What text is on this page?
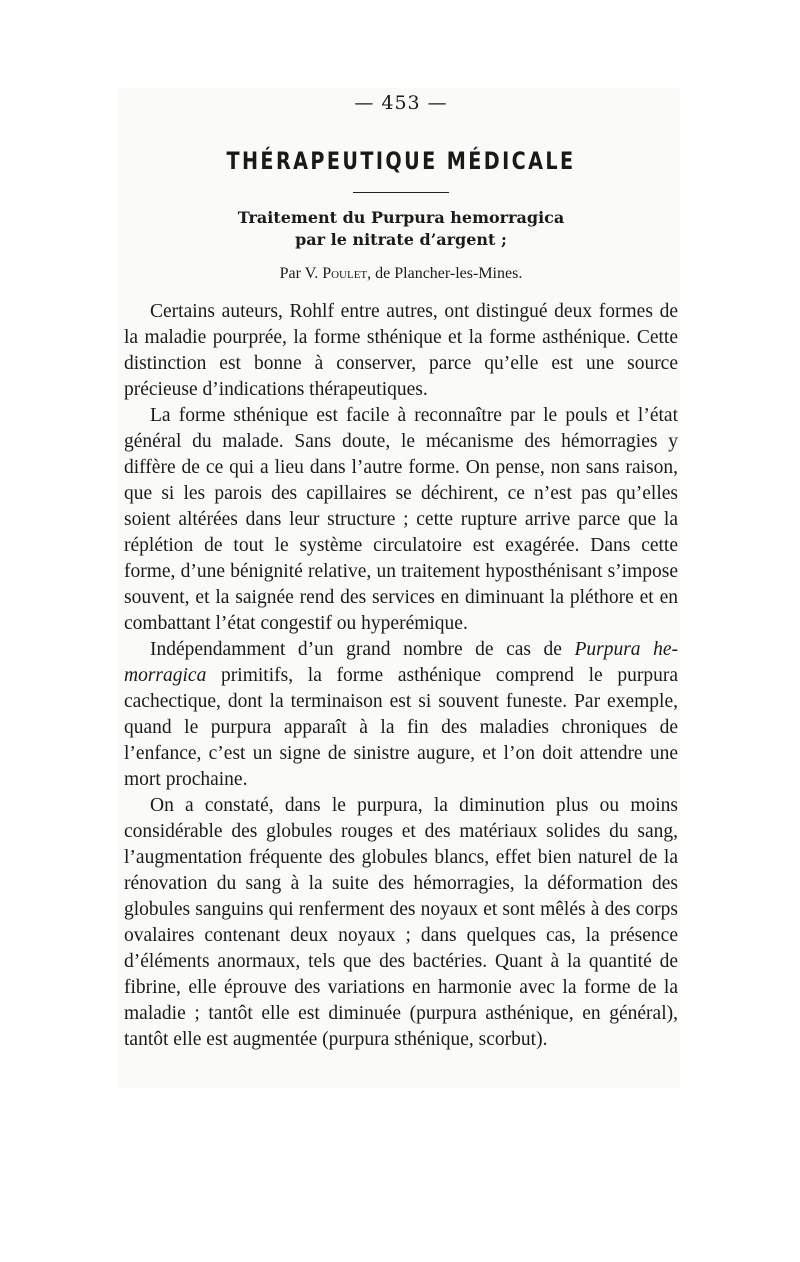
— 453 —

THÉRAPEUTIQUE MÉDICALE
Traitement du Purpura hemorragica
par le nitrate d’argent ;

Par V. Poulet, de Plancher-les-Mines.

Certains auteurs, Rohlf entre autres, ont distingué deux formes de la maladie pourprée, la forme sthénique et la forme asthénique. Cette distinction est bonne à conserver, parce qu’elle est une source précieuse d’indications thérapeutiques.

La forme sthénique est facile à reconnaître par le pouls et l’état général du malade. Sans doute, le mécanisme des hémorragies y diffère de ce qui a lieu dans l’autre forme. On pense, non sans raison, que si les parois des capillaires se déchirent, ce n’est pas qu’elles soient altérées dans leur structure ; cette rupture arrive parce que la réplétion de tout le système circulatoire est exagérée. Dans cette forme, d’une bénignité relative, un traitement hyposthénisant s’impose souvent, et la saignée rend des services en diminuant la pléthore et en combattant l’état congestif ou hyperémique.

Indépendamment d’un grand nombre de cas de Purpura hemorragica primitifs, la forme asthénique comprend le purpura cachectique, dont la terminaison est si souvent funeste. Par exemple, quand le purpura apparaît à la fin des maladies chroniques de l’enfance, c’est un signe de sinistre augure, et l’on doit attendre une mort prochaine.

On a constaté, dans le purpura, la diminution plus ou moins considérable des globules rouges et des matériaux solides du sang, l’augmentation fréquente des globules blancs, effet bien naturel de la rénovation du sang à la suite des hémorragies, la déformation des globules sanguins qui renferment des noyaux et sont mêlés à des corps ovalaires contenant deux noyaux ; dans quelques cas, la présence d’éléments anormaux, tels que des bactéries. Quant à la quantité de fibrine, elle éprouve des variations en harmonie avec la forme de la maladie ; tantôt elle est diminuée (purpura asthénique, en général), tantôt elle est augmentée (purpura sthénique, scorbut).
